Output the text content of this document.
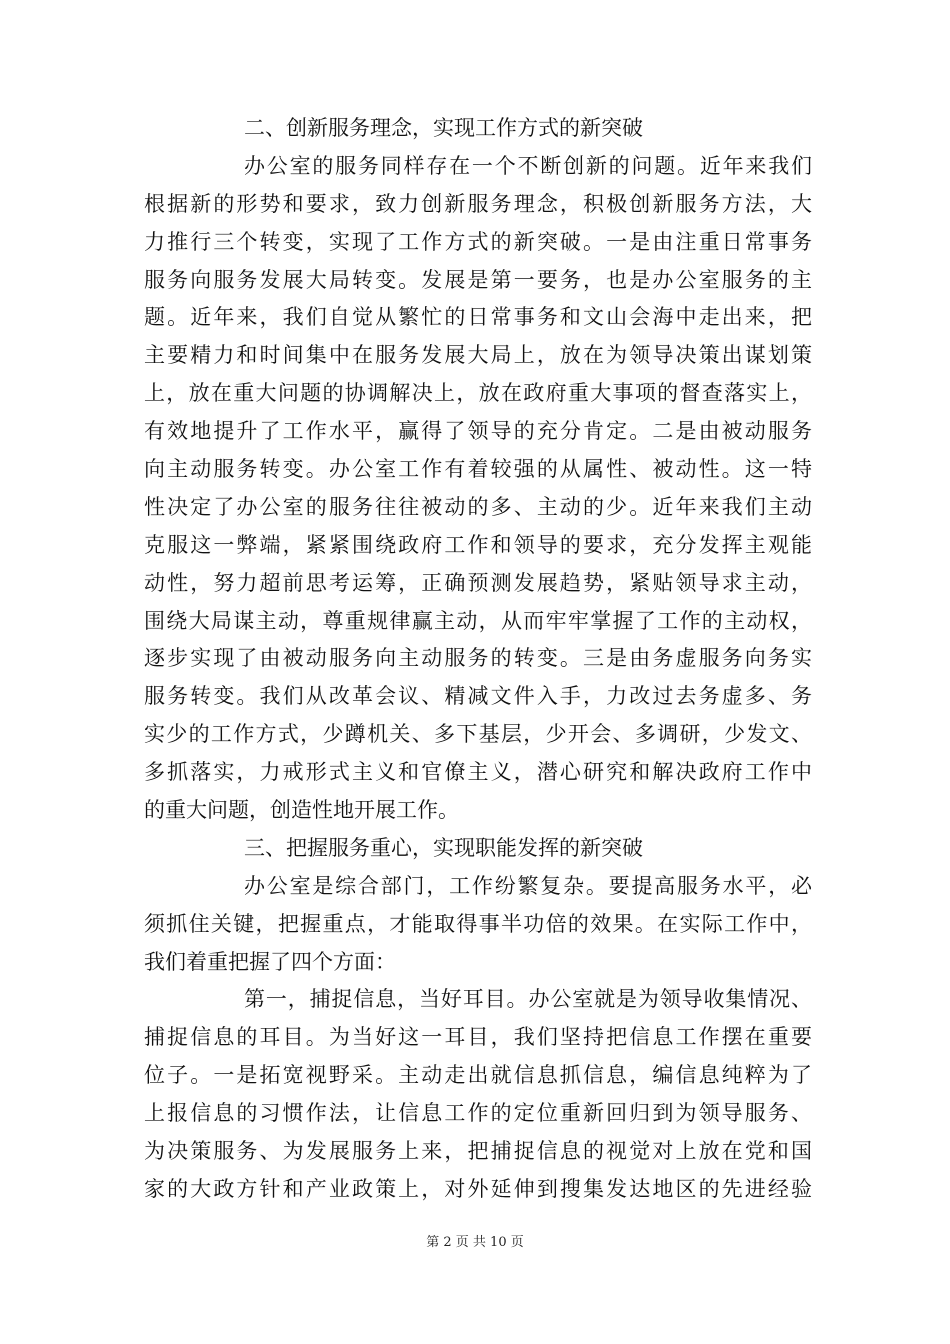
二、创新服务理念，实现工作方式的新突破
办公室的服务同样存在一个不断创新的问题。近年来我们
根据新的形势和要求，致力创新服务理念，积极创新服务方法，大
力推行三个转变，实现了工作方式的新突破。一是由注重日常事务
服务向服务发展大局转变。发展是第一要务，也是办公室服务的主
题。近年来，我们自觉从繁忙的日常事务和文山会海中走出来，把
主要精力和时间集中在服务发展大局上，放在为领导决策出谋划策
上，放在重大问题的协调解决上，放在政府重大事项的督查落实上，
有效地提升了工作水平，赢得了领导的充分肯定。二是由被动服务
向主动服务转变。办公室工作有着较强的从属性、被动性。这一特
性决定了办公室的服务往往被动的多、主动的少。近年来我们主动
克服这一弊端，紧紧围绕政府工作和领导的要求，充分发挥主观能
动性，努力超前思考运筹，正确预测发展趋势，紧贴领导求主动，
围绕大局谋主动，尊重规律赢主动，从而牢牢掌握了工作的主动权，
逐步实现了由被动服务向主动服务的转变。三是由务虚服务向务实
服务转变。我们从改革会议、精减文件入手，力改过去务虚多、务
实少的工作方式，少蹲机关、多下基层，少开会、多调研，少发文、
多抓落实，力戒形式主义和官僚主义，潜心研究和解决政府工作中
的重大问题，创造性地开展工作。
三、把握服务重心，实现职能发挥的新突破
办公室是综合部门，工作纷繁复杂。要提高服务水平，必
须抓住关键，把握重点，才能取得事半功倍的效果。在实际工作中，
我们着重把握了四个方面：
第一，捕捉信息，当好耳目。办公室就是为领导收集情况、
捕捉信息的耳目。为当好这一耳目，我们坚持把信息工作摆在重要
位子。一是拓宽视野采。主动走出就信息抓信息，编信息纯粹为了
上报信息的习惯作法，让信息工作的定位重新回归到为领导服务、
为决策服务、为发展服务上来，把捕捉信息的视觉对上放在党和国
家的大政方针和产业政策上，对外延伸到搜集发达地区的先进经验
第 2 页 共 10 页
